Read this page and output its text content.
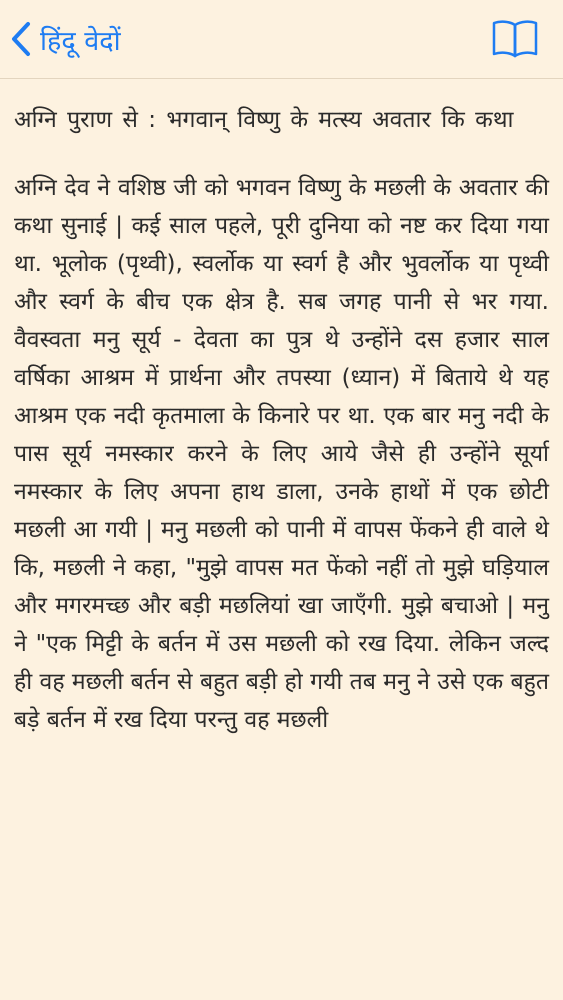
हिंदू वेदों
अग्नि पुराण से : भगवान् विष्णु के मत्स्य अवतार कि कथा

अग्नि देव ने वशिष्ठ जी को भगवन विष्णु के मछली के अवतार की कथा सुनाई | कई साल पहले, पूरी दुनिया को नष्ट कर दिया गया था. भूलोक (पृथ्वी), स्वर्लोक या स्वर्ग है और भुवर्लोक या पृथ्वी और स्वर्ग के बीच एक क्षेत्र है. सब जगह पानी से भर गया. वैवस्वता मनु सूर्य - देवता का पुत्र थे उन्होंने दस हजार साल वर्षिका आश्रम में प्रार्थना और तपस्या (ध्यान) में बिताये थे यह आश्रम एक नदी कृतमाला के किनारे पर था. एक बार मनु नदी के पास सूर्य नमस्कार करने के लिए आये जैसे ही उन्होंने सूर्या नमस्कार के लिए अपना हाथ डाला, उनके हाथों में एक छोटी मछली आ गयी | मनु मछली को पानी में वापस फेंकने ही वाले थे कि, मछली ने कहा, "मुझे वापस मत फेंको नहीं तो मुझे घड़ियाल और मगरमच्छ और बड़ी मछलियां खा जाएँगी. मुझे बचाओ | मनु ने "एक मिट्टी के बर्तन में उस मछली को रख दिया. लेकिन जल्द ही वह मछली बर्तन से बहुत बड़ी हो गयी तब मनु ने उसे एक बहुत बड़े बर्तन में रख दिया परन्तु वह मछली
